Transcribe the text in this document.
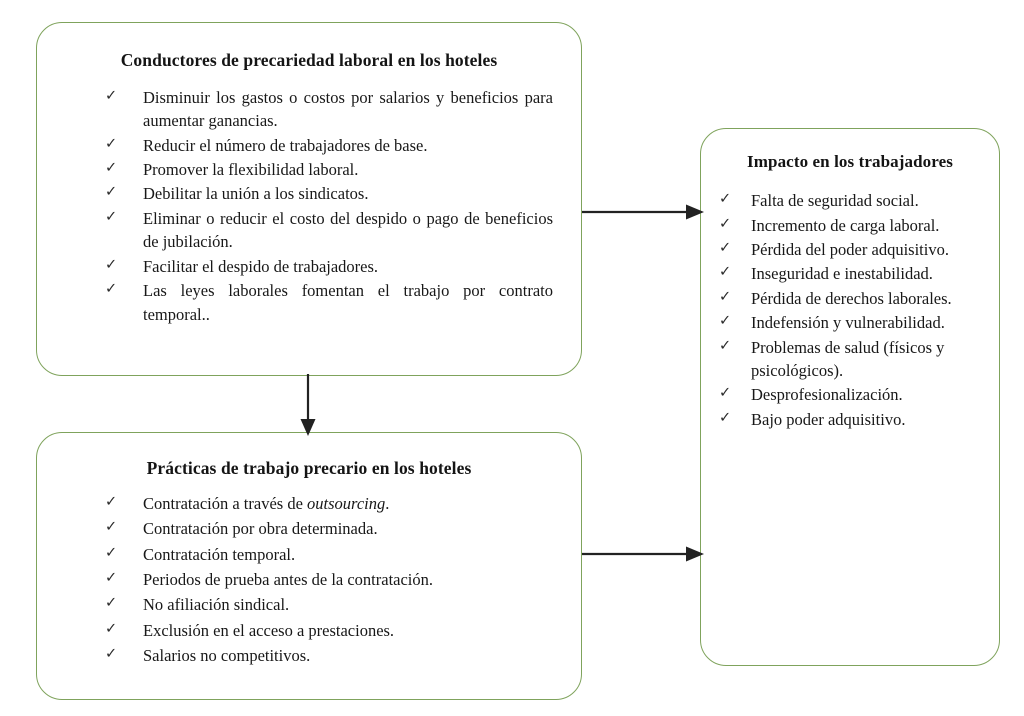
Conductores de precariedad laboral en los hoteles
✓ Disminuir los gastos o costos por salarios y beneficios para aumentar ganancias.
✓ Reducir el número de trabajadores de base.
✓ Promover la flexibilidad laboral.
✓ Debilitar la unión a los sindicatos.
✓ Eliminar o reducir el costo del despido o pago de beneficios de jubilación.
✓ Facilitar el despido de trabajadores.
✓ Las leyes laborales fomentan el trabajo por contrato temporal..
Prácticas de trabajo precario en los hoteles
✓ Contratación a través de outsourcing.
✓ Contratación por obra determinada.
✓ Contratación temporal.
✓ Periodos de prueba antes de la contratación.
✓ No afiliación sindical.
✓ Exclusión en el acceso a prestaciones.
✓ Salarios no competitivos.
Impacto en los trabajadores
✓ Falta de seguridad social.
✓ Incremento de carga laboral.
✓ Pérdida del poder adquisitivo.
✓ Inseguridad e inestabilidad.
✓ Pérdida de derechos laborales.
✓ Indefensión y vulnerabilidad.
✓ Problemas de salud (físicos y psicológicos).
✓ Desprofesionalización.
✓ Bajo poder adquisitivo.
